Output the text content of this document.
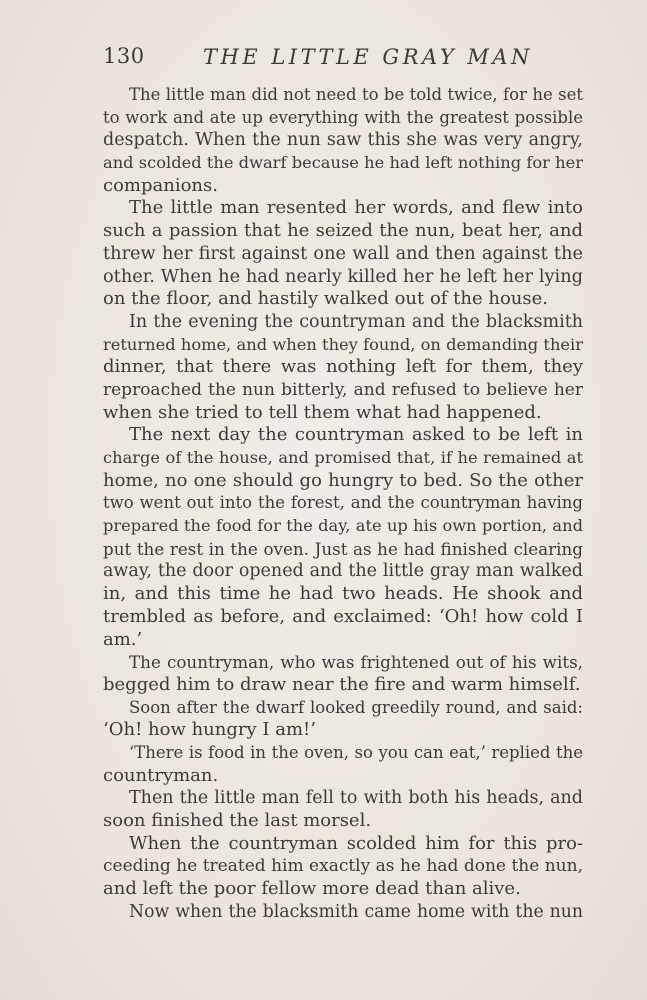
130	THE LITTLE GRAY MAN
The little man did not need to be told twice, for he set
to work and ate up everything with the greatest possible
despatch. When the nun saw this she was very angry,
and scolded the dwarf because he had left nothing for her
companions.
The little man resented her words, and flew into
such a passion that he seized the nun, beat her, and
threw her first against one wall and then against the
other. When he had nearly killed her he left her lying
on the floor, and hastily walked out of the house.
In the evening the countryman and the blacksmith
returned home, and when they found, on demanding their
dinner, that there was nothing left for them, they
reproached the nun bitterly, and refused to believe her
when she tried to tell them what had happened.
The next day the countryman asked to be left in
charge of the house, and promised that, if he remained at
home, no one should go hungry to bed. So the other
two went out into the forest, and the countryman having
prepared the food for the day, ate up his own portion, and
put the rest in the oven. Just as he had finished clearing
away, the door opened and the little gray man walked
in, and this time he had two heads. He shook and
trembled as before, and exclaimed: ‘Oh! how cold I
am.’
The countryman, who was frightened out of his wits,
begged him to draw near the fire and warm himself.
Soon after the dwarf looked greedily round, and said:
‘Oh! how hungry I am!’
‘There is food in the oven, so you can eat,’ replied the
countryman.
Then the little man fell to with both his heads, and
soon finished the last morsel.
When the countryman scolded him for this pro-
ceeding he treated him exactly as he had done the nun,
and left the poor fellow more dead than alive.
Now when the blacksmith came home with the nun
